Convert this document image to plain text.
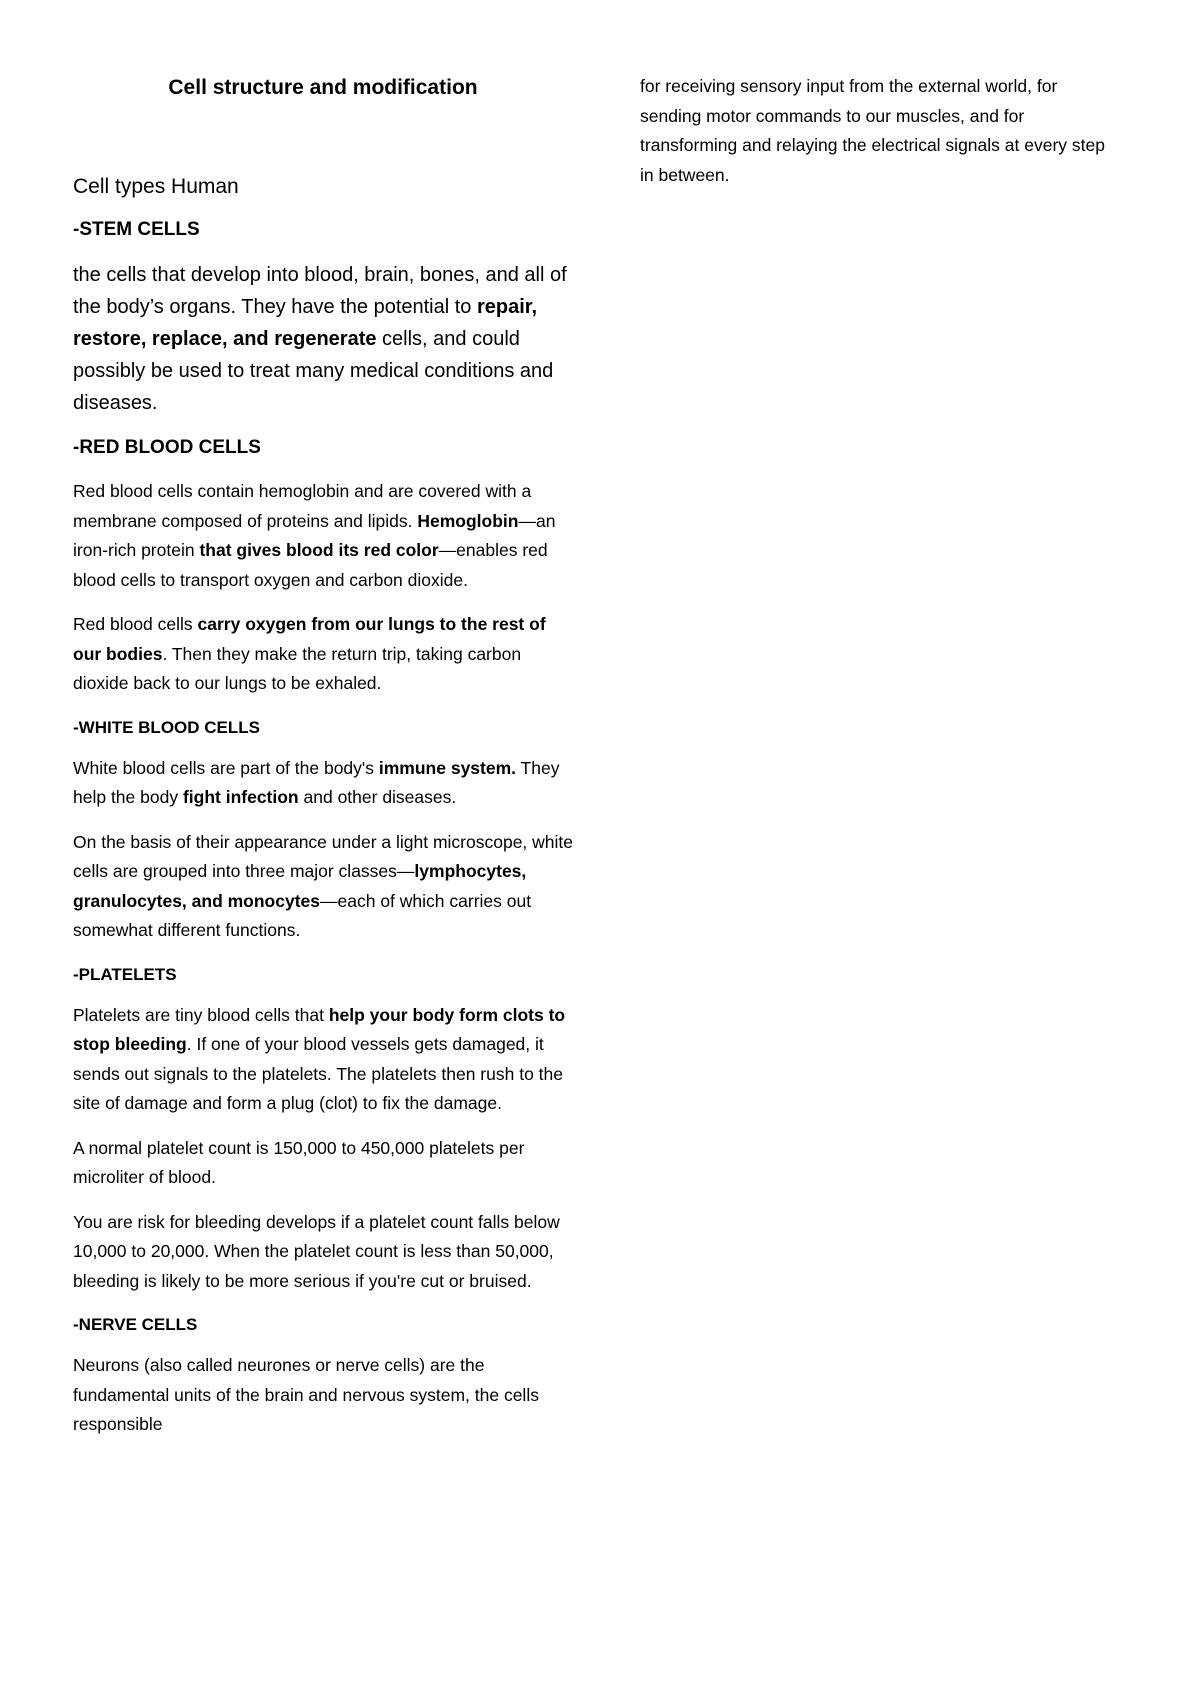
Cell structure and modification
Cell types Human
-STEM CELLS
the cells that develop into blood, brain, bones, and all of the body’s organs. They have the potential to repair, restore, replace, and regenerate cells, and could possibly be used to treat many medical conditions and diseases.
-RED BLOOD CELLS
Red blood cells contain hemoglobin and are covered with a membrane composed of proteins and lipids. Hemoglobin—an iron-rich protein that gives blood its red color—enables red blood cells to transport oxygen and carbon dioxide.
Red blood cells carry oxygen from our lungs to the rest of our bodies. Then they make the return trip, taking carbon dioxide back to our lungs to be exhaled.
-WHITE BLOOD CELLS
White blood cells are part of the body's immune system. They help the body fight infection and other diseases.
On the basis of their appearance under a light microscope, white cells are grouped into three major classes—lymphocytes, granulocytes, and monocytes—each of which carries out somewhat different functions.
-PLATELETS
Platelets are tiny blood cells that help your body form clots to stop bleeding. If one of your blood vessels gets damaged, it sends out signals to the platelets. The platelets then rush to the site of damage and form a plug (clot) to fix the damage.
A normal platelet count is 150,000 to 450,000 platelets per microliter of blood.
You are risk for bleeding develops if a platelet count falls below 10,000 to 20,000. When the platelet count is less than 50,000, bleeding is likely to be more serious if you're cut or bruised.
-NERVE CELLS
Neurons (also called neurones or nerve cells) are the fundamental units of the brain and nervous system, the cells responsible
for receiving sensory input from the external world, for sending motor commands to our muscles, and for transforming and relaying the electrical signals at every step in between.
